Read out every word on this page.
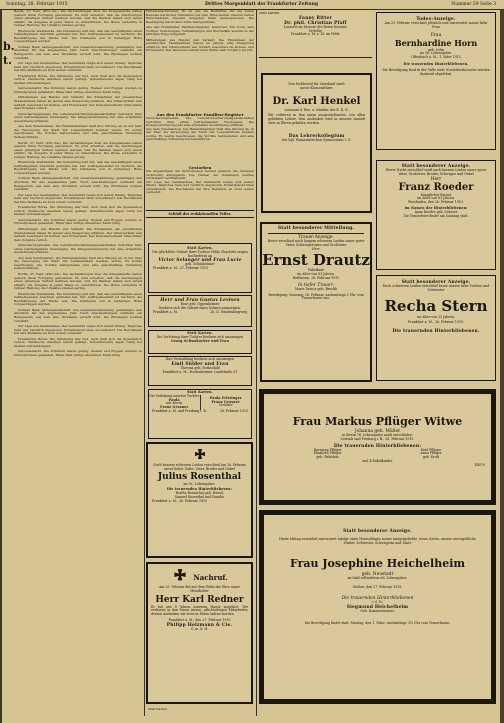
Sonntag, 28. Februar 1915	Drittes Morgenblatt der Frankfurter Zeitung	Nummer 59 Seite 3
b.
t.

Berlin, 27. Febr. (Priv.-Tel.) Die Verhandlungen über die Kriegsanleihe haben gestern ihren Fortgang genommen. Es wird erwartet, daß die Zeichnungen einen günstigen Verlauf nehmen werden, und die Banken haben sich bereit erklärt, die Ausgabe in jeder Weise zu unterstützen. Die Börse verkehrte in ruhiger Haltung, die Umsätze blieben gering.

Rheinische Stahlwerke. Die Verwaltung teilt mit, daß das Geschäftsjahr einen befriedigenden Abschluß gefunden hat. Der Auftragsbestand ist reichlich, die Beschäftigung der Werke voll. Die Dividende soll in bisheriger Höhe vorgeschlagen werden.

Vollmar Bank Aktiengesellschaft. Die Generalversammlung genehmigte den Abschluß für das abgelaufene Jahr. Nach Abschreibungen verbleibt ein Reingewinn, aus dem eine Dividende verteilt wird. Die Rücklagen wurden verstärkt.

Zur Lage des Geldmarktes. Der Geldmarkt zeigte sich weiter flüssig. Tägliches Geld war reichlich angeboten, Privatdiskont blieb unverändert. Die Reichsbank hat ihre Bestände an Gold weiter vermehrt.

Frankfurter Börse. Die Stimmung war fest, doch hielt sich die Spekulation zurück. Heimische Anleihen waren gefragt, Industriewerte lagen ruhig bei kleinen Schwankungen.

Getreidemarkt. Die Zufuhren waren gering. Weizen und Roggen wurden zu Höchstpreisen gehandelt, Hafer fand willige Abnehmer. Mehl ruhig.

Mitteilungen aus Handel und Verkehr. Die Einnahmen der preußischen Staatsbahnen haben im Januar eine Steigerung erfahren. Der Güterverkehr war lebhaft, besonders im Kohlen- und Erzversand. Der Personenverkehr blieb hinter dem Vorjahre zurück.

Versicherungswesen. Die Lebensversicherungsgesellschaften berichten über einen befriedigenden Neuzugang. Die Kriegsversicherung hat eine erhebliche Ausdehnung erfahren.

Aus dem Vereinsleben. Die Handelskammer hielt ihre Sitzung ab, in der über die Versorgung der Stadt mit Lebensmitteln beraten wurde. Es wurde beschlossen, die Vorräte festzustellen und eine gleichmäßige Verteilung herbeizuführen.

Berlin, 27. Febr. (Priv.-Tel.) Die Verhandlungen über die Kriegsanleihe haben gestern ihren Fortgang genommen. Es wird erwartet, daß die Zeichnungen einen günstigen Verlauf nehmen werden, und die Banken haben sich bereit erklärt, die Ausgabe in jeder Weise zu unterstützen. Die Börse verkehrte in ruhiger Haltung, die Umsätze blieben gering.

Rheinische Stahlwerke. Die Verwaltung teilt mit, daß das Geschäftsjahr einen befriedigenden Abschluß gefunden hat. Der Auftragsbestand ist reichlich, die Beschäftigung der Werke voll. Die Dividende soll in bisheriger Höhe vorgeschlagen werden.

Vollmar Bank Aktiengesellschaft. Die Generalversammlung genehmigte den Abschluß für das abgelaufene Jahr. Nach Abschreibungen verbleibt ein Reingewinn, aus dem eine Dividende verteilt wird. Die Rücklagen wurden verstärkt.

Zur Lage des Geldmarktes. Der Geldmarkt zeigte sich weiter flüssig. Tägliches Geld war reichlich angeboten, Privatdiskont blieb unverändert. Die Reichsbank hat ihre Bestände an Gold weiter vermehrt.

Frankfurter Börse. Die Stimmung war fest, doch hielt sich die Spekulation zurück. Heimische Anleihen waren gefragt, Industriewerte lagen ruhig bei kleinen Schwankungen.

Getreidemarkt. Die Zufuhren waren gering. Weizen und Roggen wurden zu Höchstpreisen gehandelt, Hafer fand willige Abnehmer. Mehl ruhig.

Mitteilungen aus Handel und Verkehr. Die Einnahmen der preußischen Staatsbahnen haben im Januar eine Steigerung erfahren. Der Güterverkehr war lebhaft, besonders im Kohlen- und Erzversand. Der Personenverkehr blieb hinter dem Vorjahre zurück.

Versicherungswesen. Die Lebensversicherungsgesellschaften berichten über einen befriedigenden Neuzugang. Die Kriegsversicherung hat eine erhebliche Ausdehnung erfahren.

Aus dem Vereinsleben. Die Handelskammer hielt ihre Sitzung ab, in der über die Versorgung der Stadt mit Lebensmitteln beraten wurde. Es wurde beschlossen, die Vorräte festzustellen und eine gleichmäßige Verteilung herbeizuführen.

Berlin, 27. Febr. (Priv.-Tel.) Die Verhandlungen über die Kriegsanleihe haben gestern ihren Fortgang genommen. Es wird erwartet, daß die Zeichnungen einen günstigen Verlauf nehmen werden, und die Banken haben sich bereit erklärt, die Ausgabe in jeder Weise zu unterstützen. Die Börse verkehrte in ruhiger Haltung, die Umsätze blieben gering.

Rheinische Stahlwerke. Die Verwaltung teilt mit, daß das Geschäftsjahr einen befriedigenden Abschluß gefunden hat. Der Auftragsbestand ist reichlich, die Beschäftigung der Werke voll. Die Dividende soll in bisheriger Höhe vorgeschlagen werden.

Vollmar Bank Aktiengesellschaft. Die Generalversammlung genehmigte den Abschluß für das abgelaufene Jahr. Nach Abschreibungen verbleibt ein Reingewinn, aus dem eine Dividende verteilt wird. Die Rücklagen wurden verstärkt.

Zur Lage des Geldmarktes. Der Geldmarkt zeigte sich weiter flüssig. Tägliches Geld war reichlich angeboten, Privatdiskont blieb unverändert. Die Reichsbank hat ihre Bestände an Gold weiter vermehrt.

Frankfurter Börse. Die Stimmung war fest, doch hielt sich die Spekulation zurück. Heimische Anleihen waren gefragt, Industriewerte lagen ruhig bei kleinen Schwankungen.

Getreidemarkt. Die Zufuhren waren gering. Weizen und Roggen wurden zu Höchstpreisen gehandelt, Hafer fand willige Abnehmer. Mehl ruhig.

Familiennachrichten. Es ist uns ein Bedürfnis, für die vielen Beweise herzlicher Teilnahme bei dem Hinscheiden unseres lieben Entschlafenen unseren innigsten Dank auszusprechen. Die Beerdigung hat in aller Stille stattgefunden.

Aus den Frankfurter Familien-Register. Geburten: Ein Sohn, eine Tochter. Verlobungen, Vermählungen und Sterbefälle werden in der üblichen Folge mitgeteilt.

Mitteilungen aus Handel und Verkehr. Die Einnahmen der preußischen Staatsbahnen haben im Januar eine Steigerung erfahren. Der Güterverkehr war lebhaft, besonders im Kohlen- und Erzversand. Der Personenverkehr blieb hinter dem Vorjahre zurück.

Aus den Frankfurter Familien-Register

Versicherungswesen. Die Lebensversicherungsgesellschaften berichten über einen befriedigenden Neuzugang. Die Kriegsversicherung hat eine erhebliche Ausdehnung erfahren.

Aus dem Vereinsleben. Die Handelskammer hielt ihre Sitzung ab, in der über die Versorgung der Stadt mit Lebensmitteln beraten wurde. Es wurde beschlossen, die Vorräte festzustellen und eine gleichmäßige Verteilung herbeizuführen.

Gestorben

Die Angehörigen der Verstorbenen werden gebeten, die Anzeigen rechtzeitig aufzugeben. Die Namen der Gefallenen werden fortlaufend veröffentlicht.

Zur Lage des Geldmarktes. Der Geldmarkt zeigte sich weiter flüssig. Tägliches Geld war reichlich angeboten, Privatdiskont blieb unverändert. Die Reichsbank hat ihre Bestände an Gold weiter vermehrt.

Schluß des redaktionellen Teiles.
Statt Karten.
Die glückliche Geburt ihrer Tochter Hilde Charlotte zeigen hocherfreut an
Victor Selanger und Frau Lucie
geb. Schönheimer
Frankfurt a. M., 27. Februar 1915
Herr und Frau Gustav Levisen
Rose geb. Oppenheimer
beehren sich die Geburt eines Sohnes anzuzeigen.
Frankfurt a. M.	28. II. Hindenburgweg
Statt Karten.
Die Verlobung ihrer Tochter beehren sich anzuzeigen
Georg Schwabacher und Frau
Ihre Vermählung beehren sich anzuzeigen
Emil Sülder und Frau
Thereza geb. Rothschild
Frankfurt a. M., Bockenheimer Landstraße 51
Statt Karten.
Die Verlobung unserer Tochter
Paula
mit Herrn
Franz Gessner
Paula Fritzinger
Franz Gessner
Verlobte
Frankfurt a. M. und Freiburg i. B.	28. Februar 1915
Nach kurzem schweren Leiden verschied am 26. Februar unser lieber Gatte, Vater, Bruder und Onkel
Julius Rosenthal
im 56. Lebensjahre.
Die trauernden Hinterbliebenen:
Bertha Rosenthal geb. Hirsch
Samuel Rosenthal und Familie
Frankfurt a. M., 26. Februar 1915
Nachruf.
Am 25. Februar fiel auf dem Felde der Ehre unser Mitarbeiter
Herr Karl Redner
Er hat seit 8 Jahren unserem Hause angehört. Wir verlieren in ihm einen treuen, pflichteifrigen Mitarbeiter, dessen Andenken wir stets in Ehren halten werden.
Frankfurt a. M., den 27. Februar 1915
Philipp Holzmann & Cie.
G. m. b. H.
Statt Karten.
Statt Karten.
Fanny Ritter
Dr. phil. Christian Pfaff
Lazarett im Dienste des Roten Kreuzes
Verlobte
Frankfurt a. M. z. Zt. im Felde
Den Heldentod für Vaterland starb
unser Klassenlehrer
Dr. Karl Henkel
Leutnant d. Res. u. Inhaber des E. K. II.
Wir verlieren in ihm einen ausgezeichneten, von allen geliebten Lehrer. Sein Andenken wird in unserer Anstalt stets in Ehren gehalten werden.
Das Lehrerkollegium
des Kgl. Humanistischen Gymnasiums I. G.
Statt besonderer Mitteilung.
Trauer-Anzeige.
Heute verschied nach langem schweren Leiden unser guter Vater, Schwiegervater und Großvater
Herr
Ernst Drautz
Fabrikant
im Alter von 83 Jahren.
Heilbronn, 26. Februar 1915
In tiefer Trauer:
Marie Drautz geb. Bruckh
Beerdigung: Sonntag, 28. Februar, nachmittags 3 Uhr vom Trauerhause aus.
Todes-Anzeige.
Am 25. Februar verschied plötzlich und unerwartet meine liebe Frau
Frau
Bernhardine Horn
geb. Cohn
im 56. Lebensjahre.
Offenbach a. M., 1. März 1915
Die trauernden Hinterbliebenen.
Die Beerdigung fand in der Stille statt. Kondolenzbesuche werden dankend abgelehnt.
Statt besonderer Anzeige.
Heute Nacht entschlief sanft nach kurzem Leiden unser guter Vater, Großvater, Bruder, Schwager und Onkel
Herr
Franz Roeder
Königlicher Baurat
im Alter von 82 Jahren.
Wiesbaden, den 26. Februar 1915.
Im Namen der Hinterbliebenen:
Anna Roeder geb. Scherer
Die Trauerfeier findet am Sonntag statt.
Statt besonderer Anzeige.
Nach schwerem Leiden entschlief heute unsere liebe Tochter und Schwester
Recha Stern
im Alter von 25 Jahren.
Frankfurt a. M., 26. Februar 1915.
Die trauernden Hinterbliebenen.
Frau Markus Pflüger Witwe
Johanna geb. Müller
in ihrem 76. Lebensjahre sanft entschlafen.
Lörrach und Freiburg i. B., 26. Februar 1915.
Die trauernden Hinterbliebenen:
Hermann Pflüger
Elisabeth Pflüger
geb. Rebelein
Emil Pflüger
Anna Pflüger
geb. Kreft
und 4 Enkelkinder.
E4070
Statt besonderer Anzeige.
Heute Mittag entschlief unerwartet infolge eines Herzschlages meine innigstgeliebte, treue Gattin, unsere unvergeßliche Mutter, Schwester, Schwägerin und Tante
Frau Josephine Heichelheim
geb. Neustadt
im bald vollendeten 66. Lebensjahre.
Gießen, den 27. Februar 1915.
Die trauernden Hinterbliebenen
i. d. N.:
Siegmund Heichelheim
Geh. Kommerzienrat.
Die Beerdigung findet statt: Montag, den 1. März, nachmittags 3¼ Uhr vom Trauerhause.
